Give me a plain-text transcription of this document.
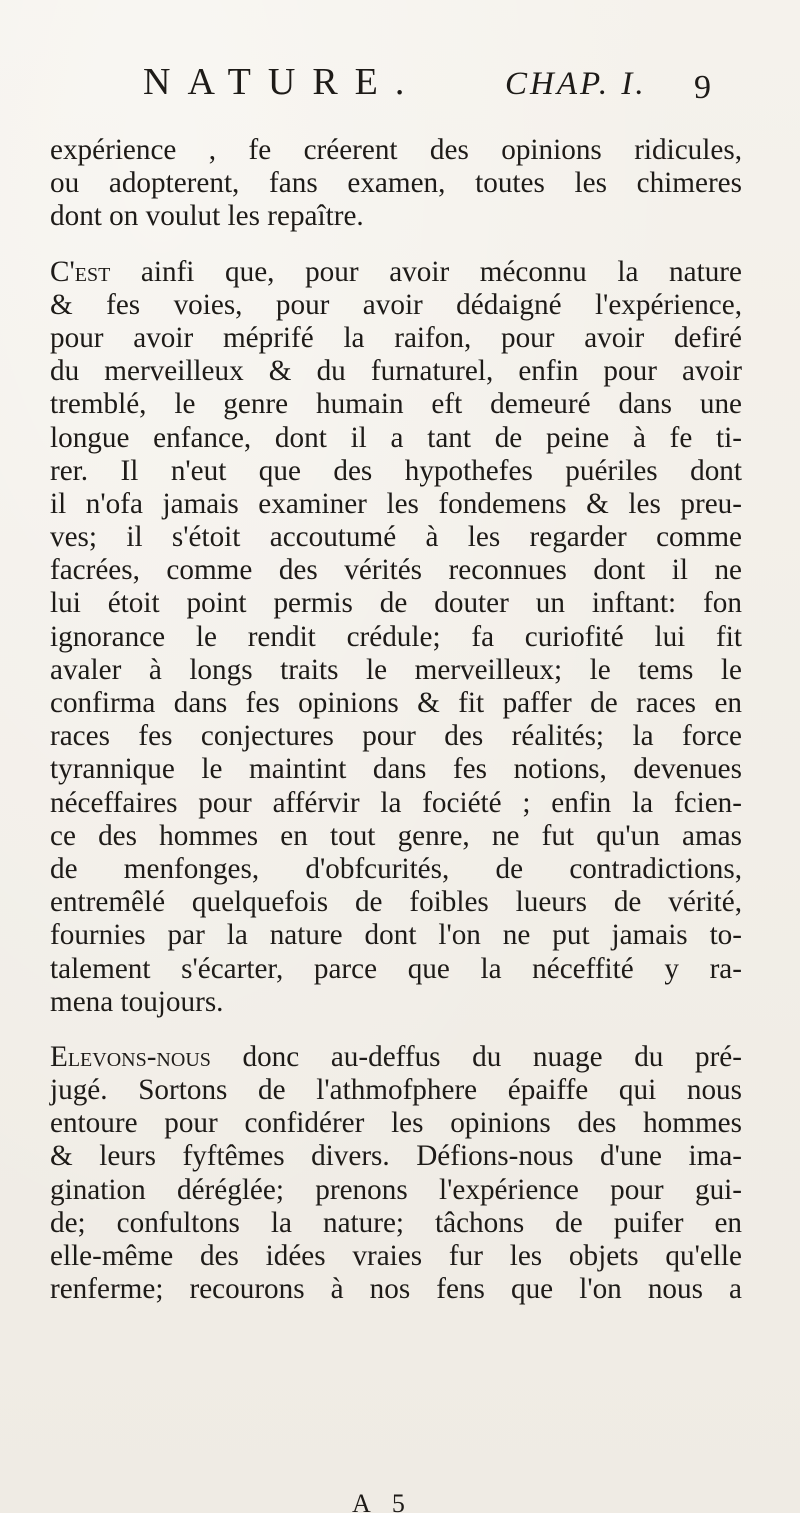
NATURE.	CHAP. I. 9
expérience , fe créerent des opinions ridicules,
ou adopterent, fans examen, toutes les chimeres
dont on voulut les repaître.
C'est ainfi que, pour avoir méconnu la nature
& fes voies, pour avoir dédaigné l'expérience,
pour avoir méprifé la raifon, pour avoir defiré
du merveilleux & du furnaturel, enfin pour avoir
tremblé, le genre humain eft demeuré dans une
longue enfance, dont il a tant de peine à fe ti-
rer. Il n'eut que des hypothefes puériles dont
il n'ofa jamais examiner les fondemens & les preu-
ves; il s'étoit accoutumé à les regarder comme
facrées, comme des vérités reconnues dont il ne
lui étoit point permis de douter un inftant: fon
ignorance le rendit crédule; fa curiofité lui fit
avaler à longs traits le merveilleux; le tems le
confirma dans fes opinions & fit paffer de races en
races fes conjectures pour des réalités; la force
tyrannique le maintint dans fes notions, devenues
néceffaires pour afférvir la fociété ; enfin la fcien-
ce des hommes en tout genre, ne fut qu'un amas
de menfonges, d'obfcurités, de contradictions,
entremêlé quelquefois de foibles lueurs de vérité,
fournies par la nature dont l'on ne put jamais to-
talement s'écarter, parce que la néceffité y ra-
mena toujours.
Elevons-nous donc au-deffus du nuage du pré-
jugé. Sortons de l'athmofphere épaiffe qui nous
entoure pour confidérer les opinions des hommes
& leurs fyftêmes divers. Défions-nous d'une ima-
gination déréglée; prenons l'expérience pour gui-
de; confultons la nature; tâchons de puifer en
elle-même des idées vraies fur les objets qu'elle
renferme; recourons à nos fens que l'on nous a
A 5
